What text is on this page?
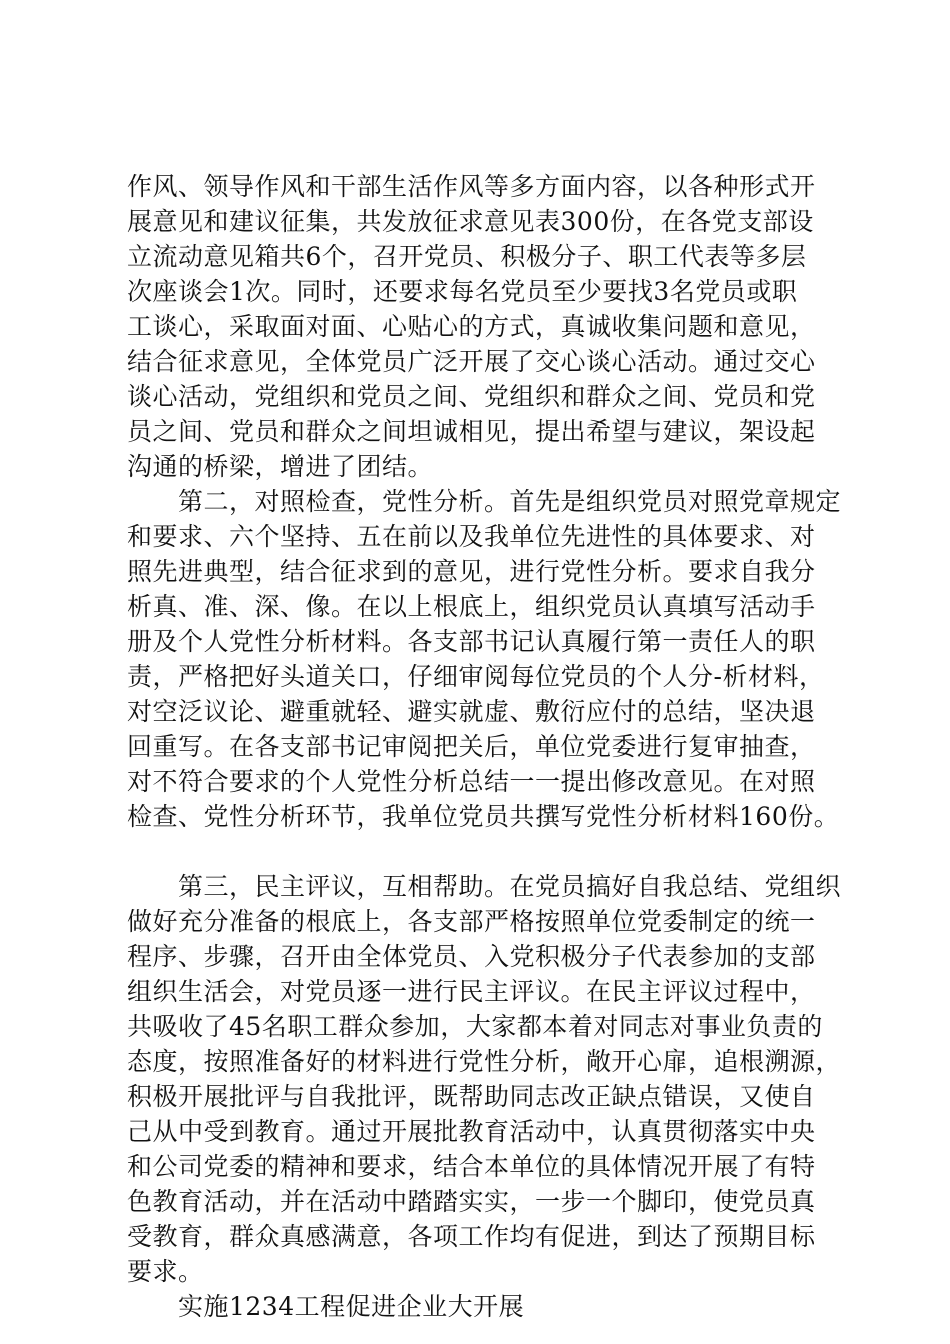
作风、领导作风和干部生活作风等多方面内容，以各种形式开
展意见和建议征集，共发放征求意见表300份，在各党支部设
立流动意见箱共6个，召开党员、积极分子、职工代表等多层
次座谈会1次。同时，还要求每名党员至少要找3名党员或职
工谈心，采取面对面、心贴心的方式，真诚收集问题和意见，
结合征求意见，全体党员广泛开展了交心谈心活动。通过交心
谈心活动，党组织和党员之间、党组织和群众之间、党员和党
员之间、党员和群众之间坦诚相见，提出希望与建议，架设起
沟通的桥梁，增进了团结。
第二，对照检查，党性分析。首先是组织党员对照党章规定
和要求、六个坚持、五在前以及我单位先进性的具体要求、对
照先进典型，结合征求到的意见，进行党性分析。要求自我分
析真、准、深、像。在以上根底上，组织党员认真填写活动手
册及个人党性分析材料。各支部书记认真履行第一责任人的职
责，严格把好头道关口，仔细审阅每位党员的个人分-析材料，
对空泛议论、避重就轻、避实就虚、敷衍应付的总结，坚决退
回重写。在各支部书记审阅把关后，单位党委进行复审抽查，
对不符合要求的个人党性分析总结一一提出修改意见。在对照
检查、党性分析环节，我单位党员共撰写党性分析材料160份。
第三，民主评议，互相帮助。在党员搞好自我总结、党组织
做好充分准备的根底上，各支部严格按照单位党委制定的统一
程序、步骤，召开由全体党员、入党积极分子代表参加的支部
组织生活会，对党员逐一进行民主评议。在民主评议过程中，
共吸收了45名职工群众参加，大家都本着对同志对事业负责的
态度，按照准备好的材料进行党性分析，敞开心扉，追根溯源，
积极开展批评与自我批评，既帮助同志改正缺点错误，又使自
己从中受到教育。通过开展批教育活动中，认真贯彻落实中央
和公司党委的精神和要求，结合本单位的具体情况开展了有特
色教育活动，并在活动中踏踏实实，一步一个脚印，使党员真
受教育，群众真感满意，各项工作均有促进，到达了预期目标
要求。
实施1234工程促进企业大开展
